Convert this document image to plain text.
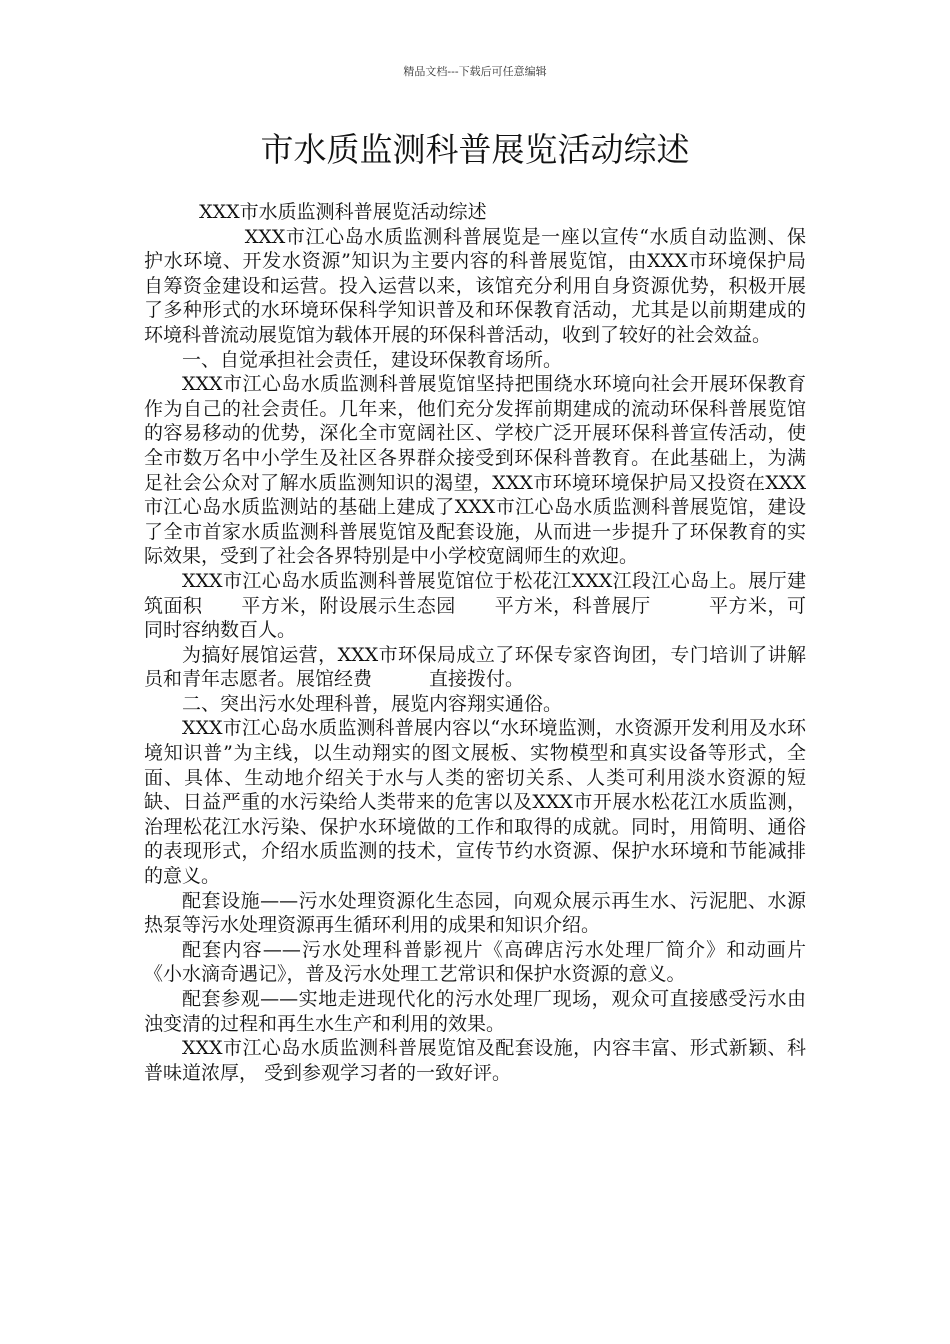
精品文档---下载后可任意编辑
市水质监测科普展览活动综述

XXX市水质监测科普展览活动综述

XXX市江心岛水质监测科普展览是一座以宣传“水质自动监测、保护水环境、开发水资源”知识为主要内容的科普展览馆，由XXX市环境保护局 自筹资金建设和运营。投入运营以来，该馆充分利用自身资源优势，积极开展了多种形式的水环境环保科学知识普及和环保教育活动，尤其是以前期建成的环境科普流动展览馆为载体开展的环保科普活动，收到了较好的社会效益。

一、自觉承担社会责任，建设环保教育场所。

XXX市江心岛水质监测科普展览馆坚持把围绕水环境向社会开展环保教育作为自己的社会责任。几年来，他们充分发挥前期建成的流动环保科普展览馆的容易移动的优势，深化全市宽阔社区、学校广泛开展环保科普宣传活动，使全市数万名中小学生及社区各界群众接受到环保科普教育。在此基础上，为满足社会公众对了解水质监测知识的渴望，XXX市环境环境保护局又投资在XXX市江心岛水质监测站的基础上建成了XXX市江心岛水质监测科普展览馆，建设了全市首家水质监测科普展览馆及配套设施，从而进一步提升了环保教育的实际效果，受到了社会各界特别是中小学校宽阔师生的欢迎。

XXX市江心岛水质监测科普展览馆位于松花江XXX江段江心岛上。展厅建筑面积　　平方米，附设展示生态园　　平方米，科普展厅　　　平方米，可同时容纳数百人。

为搞好展馆运营，XXX市环保局成立了环保专家咨询团，专门培训了讲解员和青年志愿者。展馆经费　　　直接拨付。

二、突出污水处理科普，展览内容翔实通俗。

XXX市江心岛水质监测科普展内容以“水环境监测，水资源开发利用及水环境知识普”为主线，以生动翔实的图文展板、实物模型和真实设备等形式，全面、具体、生动地介绍关于水与人类的密切关系、人类可利用淡水资源的短缺、日益严重的水污染给人类带来的危害以及XXX市开展水松花江水质监测，治理松花江水污染、保护水环境做的工作和取得的成就。同时，用简明、通俗的表现形式，介绍水质监测的技术，宣传节约水资源、保护水环境和节能减排的意义。

配套设施——污水处理资源化生态园，向观众展示再生水、污泥肥、水源热泵等污水处理资源再生循环利用的成果和知识介绍。

配套内容——污水处理科普影视片《高碑店污水处理厂简介》和动画片《小水滴奇遇记》，普及污水处理工艺常识和保护水资源的意义。

配套参观——实地走进现代化的污水处理厂现场，观众可直接感受污水由浊变清的过程和再生水生产和利用的效果。

XXX市江心岛水质监测科普展览馆及配套设施，内容丰富、形式新颖、科普味道浓厚， 受到参观学习者的一致好评。
